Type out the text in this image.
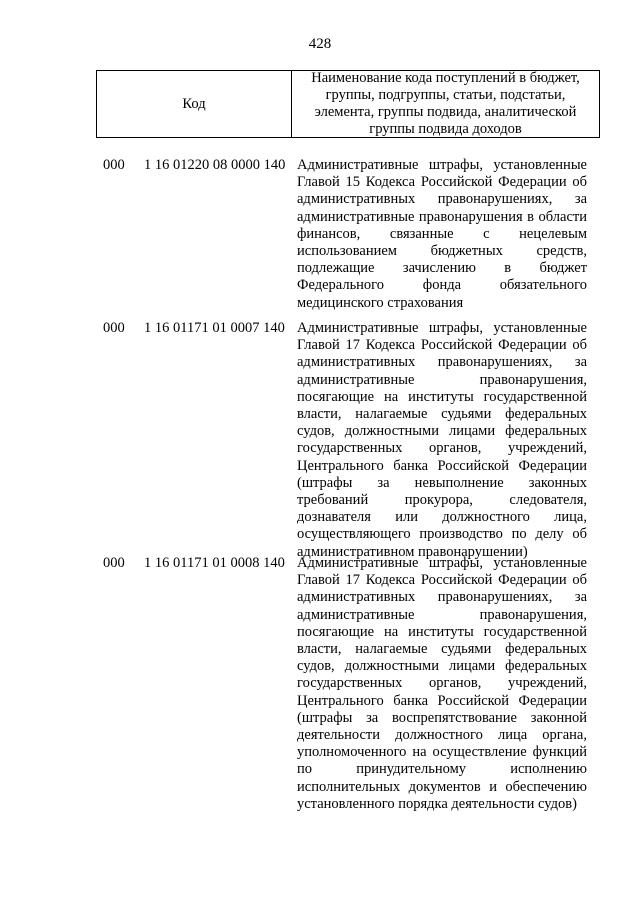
428
Код
Наименование кода поступлений в бюджет, группы, подгруппы, статьи, подстатьи, элемента, группы подвида, аналитической группы подвида доходов
000 1 16 01220 08 0000 140 Административные штрафы, установленные
Главой 15 Кодекса Российской Федерации об
административных правонарушениях, за
административные правонарушения в области
финансов, связанные с нецелевым
использованием бюджетных средств,
подлежащие зачислению в бюджет
Федерального фонда обязательного
медицинского страхования
000 1 16 01171 01 0007 140 Административные штрафы, установленные
Главой 17 Кодекса Российской Федерации об
административных правонарушениях, за
административные правонарушения,
посягающие на институты государственной
власти, налагаемые судьями федеральных
судов, должностными лицами федеральных
государственных органов, учреждений,
Центрального банка Российской Федерации
(штрафы за невыполнение законных
требований прокурора, следователя,
дознавателя или должностного лица,
осуществляющего производство по делу об
административном правонарушении)
000 1 16 01171 01 0008 140 Административные штрафы, установленные
Главой 17 Кодекса Российской Федерации об
административных правонарушениях, за
административные правонарушения,
посягающие на институты государственной
власти, налагаемые судьями федеральных
судов, должностными лицами федеральных
государственных органов, учреждений,
Центрального банка Российской Федерации
(штрафы за воспрепятствование законной
деятельности должностного лица органа,
уполномоченного на осуществление функций
по принудительному исполнению
исполнительных документов и обеспечению
установленного порядка деятельности судов)
